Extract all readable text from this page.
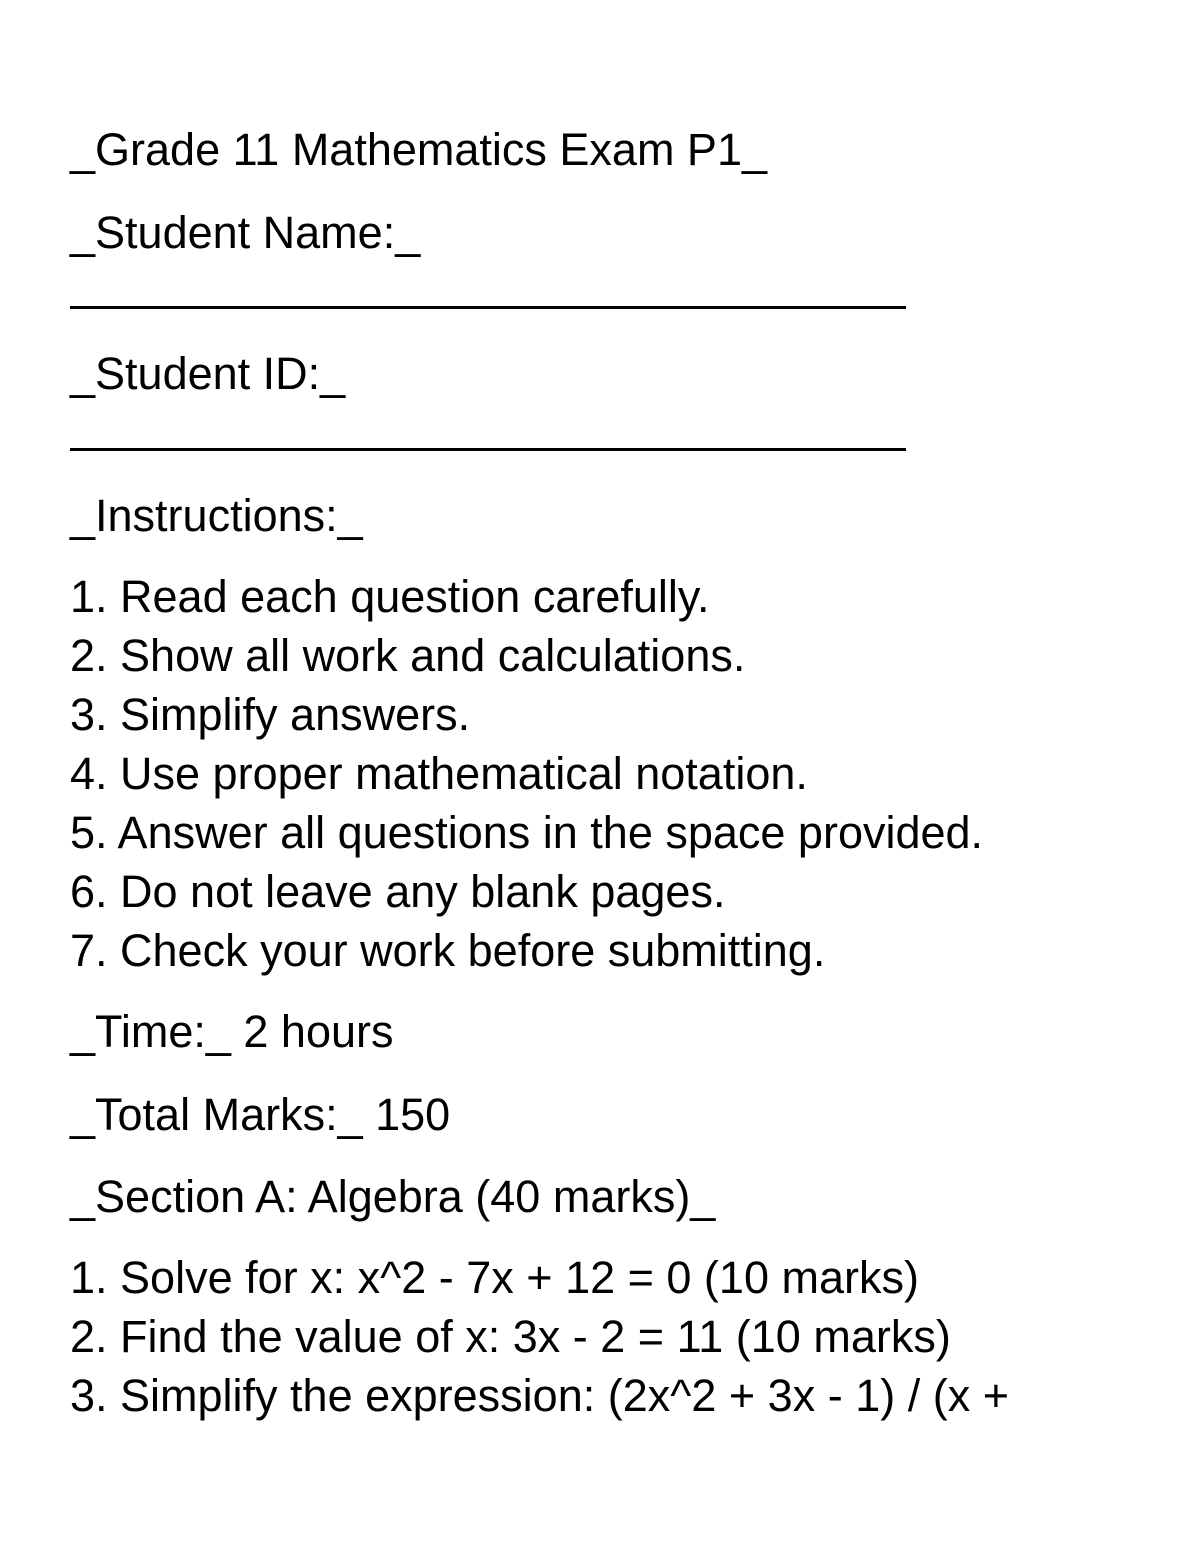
_Grade 11 Mathematics Exam P1_
_Student Name:_
_Student ID:_
_Instructions:_
1. Read each question carefully.
2. Show all work and calculations.
3. Simplify answers.
4. Use proper mathematical notation.
5. Answer all questions in the space provided.
6. Do not leave any blank pages.
7. Check your work before submitting.
_Time:_ 2 hours
_Total Marks:_ 150
_Section A: Algebra (40 marks)_
1. Solve for x: x^2 - 7x + 12 = 0 (10 marks)
2. Find the value of x: 3x - 2 = 11 (10 marks)
3. Simplify the expression: (2x^2 + 3x - 1) / (x +
